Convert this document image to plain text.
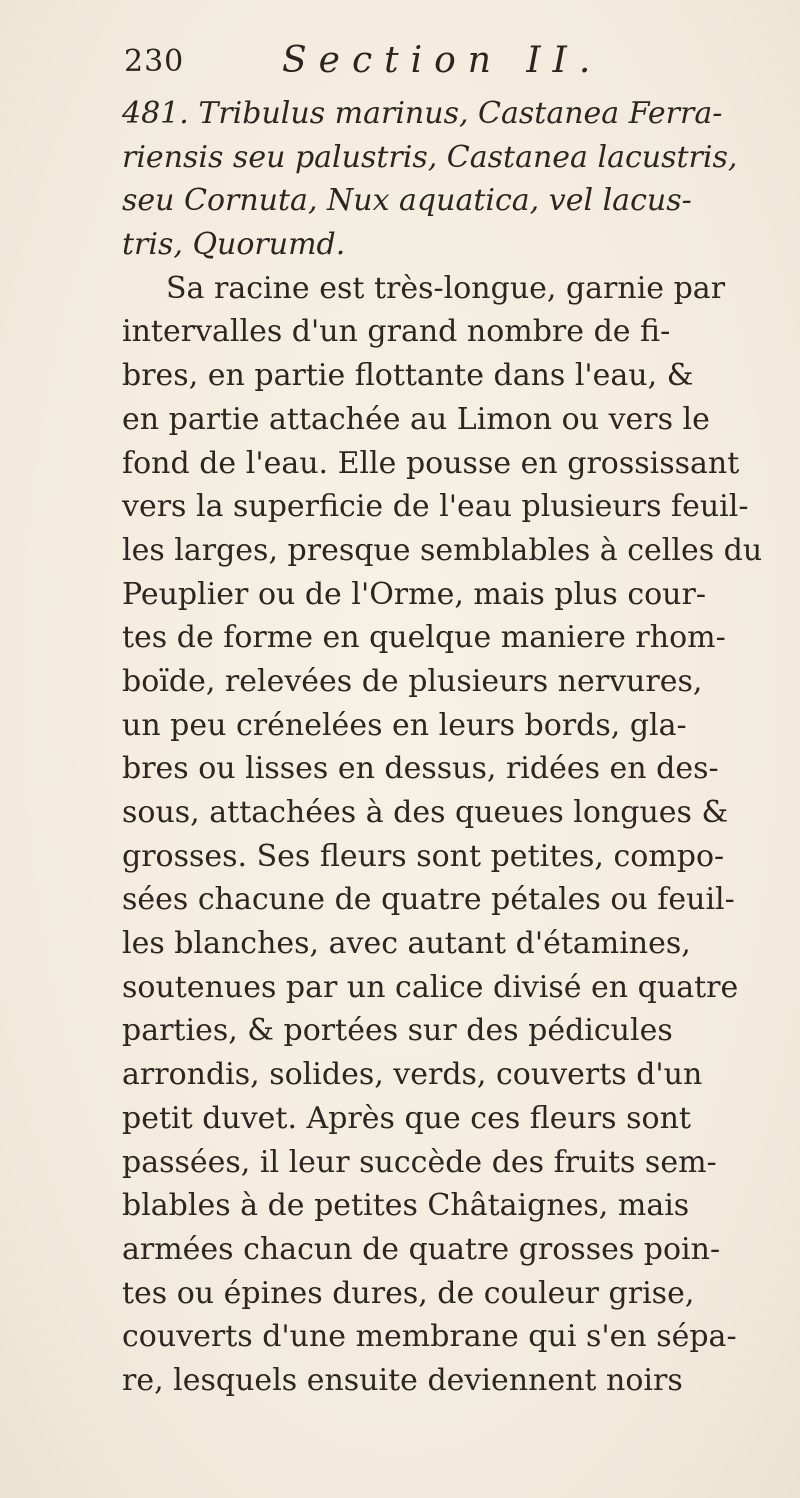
230	Section II.
481. Tribulus marinus, Castanea Ferra-
riensis seu palustris, Castanea lacustris,
seu Cornuta, Nux aquatica, vel lacus-
tris, Quorumd.
Sa racine est très-longue, garnie par
intervalles d'un grand nombre de fi-
bres, en partie flottante dans l'eau, &
en partie attachée au Limon ou vers le
fond de l'eau. Elle pousse en grossissant
vers la superficie de l'eau plusieurs feuil-
les larges, presque semblables à celles du
Peuplier ou de l'Orme, mais plus cour-
tes de forme en quelque maniere rhom-
boïde, relevées de plusieurs nervures,
un peu crénelées en leurs bords, gla-
bres ou lisses en dessus, ridées en des-
sous, attachées à des queues longues &
grosses. Ses fleurs sont petites, compo-
sées chacune de quatre pétales ou feuil-
les blanches, avec autant d'étamines,
soutenues par un calice divisé en quatre
parties, & portées sur des pédicules
arrondis, solides, verds, couverts d'un
petit duvet. Après que ces fleurs sont
passées, il leur succède des fruits sem-
blables à de petites Châtaignes, mais
armées chacun de quatre grosses poin-
tes ou épines dures, de couleur grise,
couverts d'une membrane qui s'en sépa-
re, lesquels ensuite deviennent noirs
